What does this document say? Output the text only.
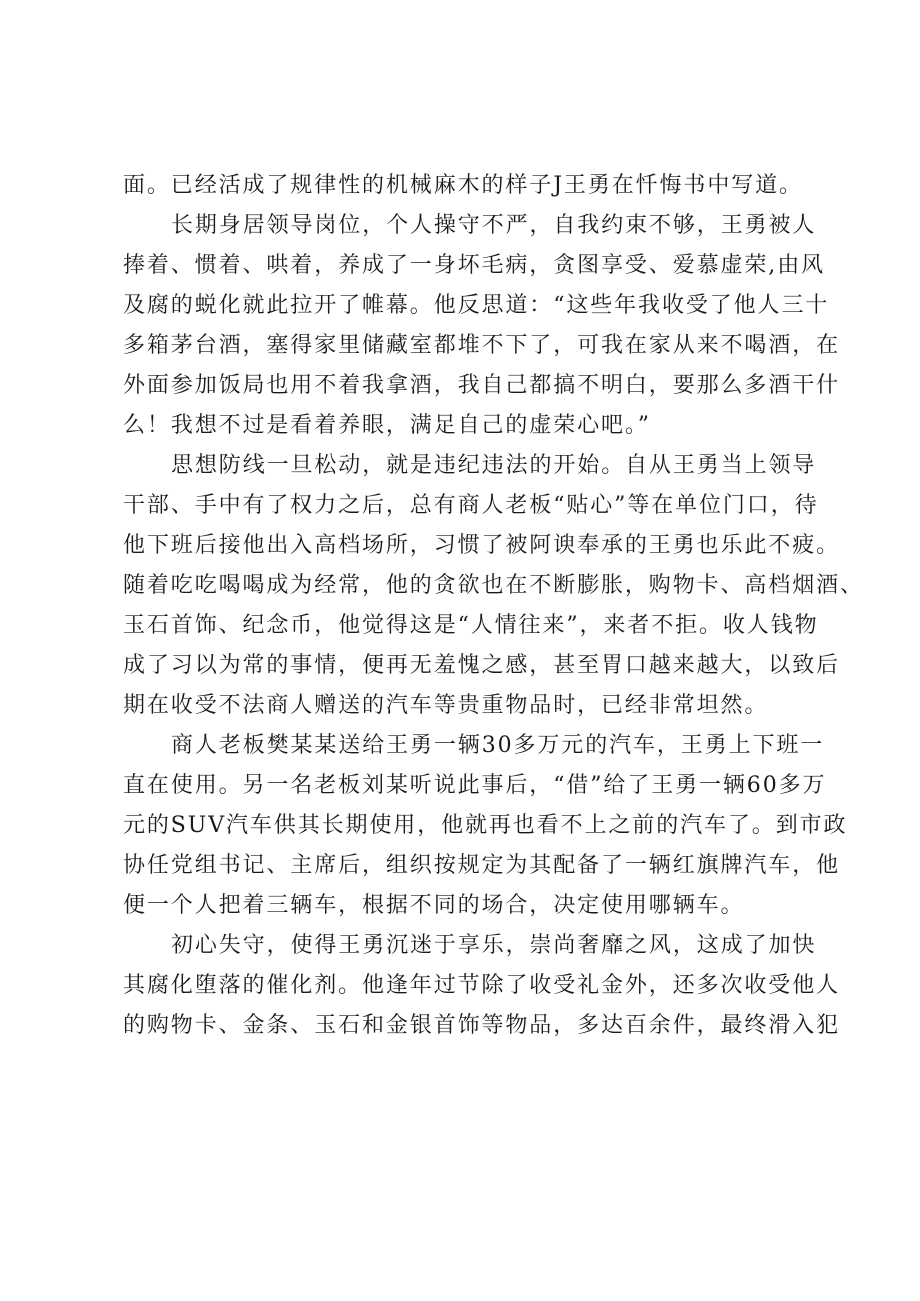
面。已经活成了规律性的机械麻木的样子J王勇在忏悔书中写道。
长期身居领导岗位，个人操守不严，自我约束不够，王勇被人
捧着、惯着、哄着，养成了一身坏毛病，贪图享受、爱慕虚荣,由风
及腐的蜕化就此拉开了帷幕。他反思道：“这些年我收受了他人三十
多箱茅台酒，塞得家里储藏室都堆不下了，可我在家从来不喝酒，在
外面参加饭局也用不着我拿酒，我自己都搞不明白，要那么多酒干什
么！我想不过是看着养眼，满足自己的虚荣心吧。”
思想防线一旦松动，就是违纪违法的开始。自从王勇当上领导
干部、手中有了权力之后，总有商人老板“贴心”等在单位门口，待
他下班后接他出入高档场所，习惯了被阿谀奉承的王勇也乐此不疲。
随着吃吃喝喝成为经常，他的贪欲也在不断膨胀，购物卡、高档烟酒、
玉石首饰、纪念币，他觉得这是“人情往来”，来者不拒。收人钱物
成了习以为常的事情，便再无羞愧之感，甚至胃口越来越大，以致后
期在收受不法商人赠送的汽车等贵重物品时，已经非常坦然。
商人老板樊某某送给王勇一辆30多万元的汽车，王勇上下班一
直在使用。另一名老板刘某听说此事后，“借”给了王勇一辆60多万
元的SUV汽车供其长期使用，他就再也看不上之前的汽车了。到市政
协任党组书记、主席后，组织按规定为其配备了一辆红旗牌汽车，他
便一个人把着三辆车，根据不同的场合，决定使用哪辆车。
初心失守，使得王勇沉迷于享乐，崇尚奢靡之风，这成了加快
其腐化堕落的催化剂。他逢年过节除了收受礼金外，还多次收受他人
的购物卡、金条、玉石和金银首饰等物品，多达百余件，最终滑入犯
